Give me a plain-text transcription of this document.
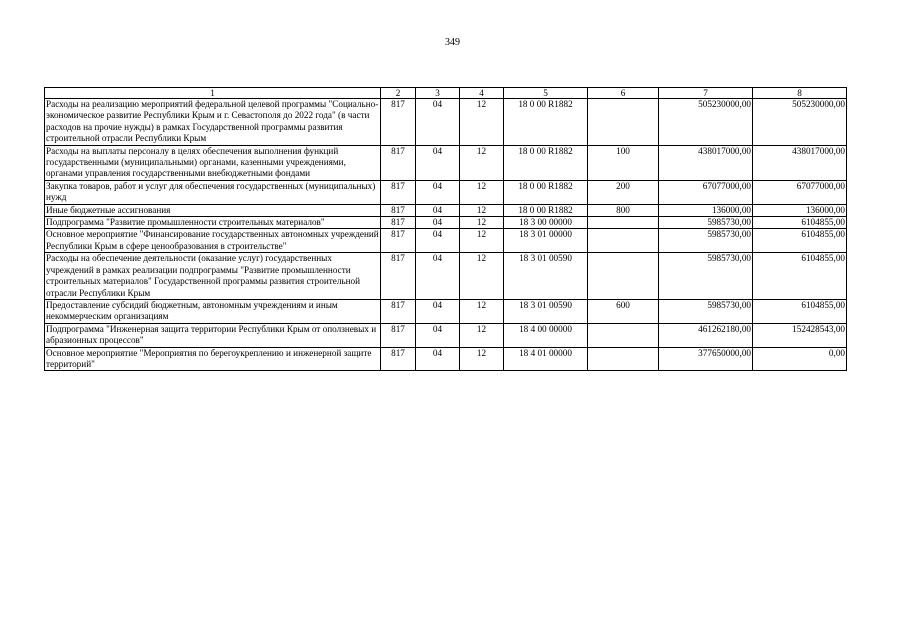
349
1	2	3	4	5	6	7	8
Расходы на реализацию мероприятий федеральной целевой программы "Социально-экономическое развитие Республики Крым и г. Севастополя до 2022 года" (в части расходов на прочие нужды) в рамках Государственной программы развития строительной отрасли Республики Крым	817	04	12	18 0 00 R1882		505230000,00	505230000,00
Расходы на выплаты персоналу в целях обеспечения выполнения функций государственными (муниципальными) органами, казенными учреждениями, органами управления государственными внебюджетными фондами	817	04	12	18 0 00 R1882	100	438017000,00	438017000,00
Закупка товаров, работ и услуг для обеспечения государственных (муниципальных) нужд	817	04	12	18 0 00 R1882	200	67077000,00	67077000,00
Иные бюджетные ассигнования	817	04	12	18 0 00 R1882	800	136000,00	136000,00
Подпрограмма "Развитие промышленности строительных материалов"	817	04	12	18 3 00 00000		5985730,00	6104855,00
Основное мероприятие "Финансирование государственных автономных учреждений Республики Крым в сфере ценообразования в строительстве"	817	04	12	18 3 01 00000		5985730,00	6104855,00
Расходы на обеспечение деятельности (оказание услуг) государственных учреждений в рамках реализации подпрограммы "Развитие промышленности строительных материалов" Государственной программы развития строительной отрасли Республики Крым	817	04	12	18 3 01 00590		5985730,00	6104855,00
Предоставление субсидий бюджетным, автономным учреждениям и иным некоммерческим организациям	817	04	12	18 3 01 00590	600	5985730,00	6104855,00
Подпрограмма "Инженерная защита территории Республики Крым от оползневых и абразионных процессов"	817	04	12	18 4 00 00000		461262180,00	152428543,00
Основное мероприятие "Мероприятия по берегоукреплению и инженерной защите территорий"	817	04	12	18 4 01 00000		377650000,00	0,00
